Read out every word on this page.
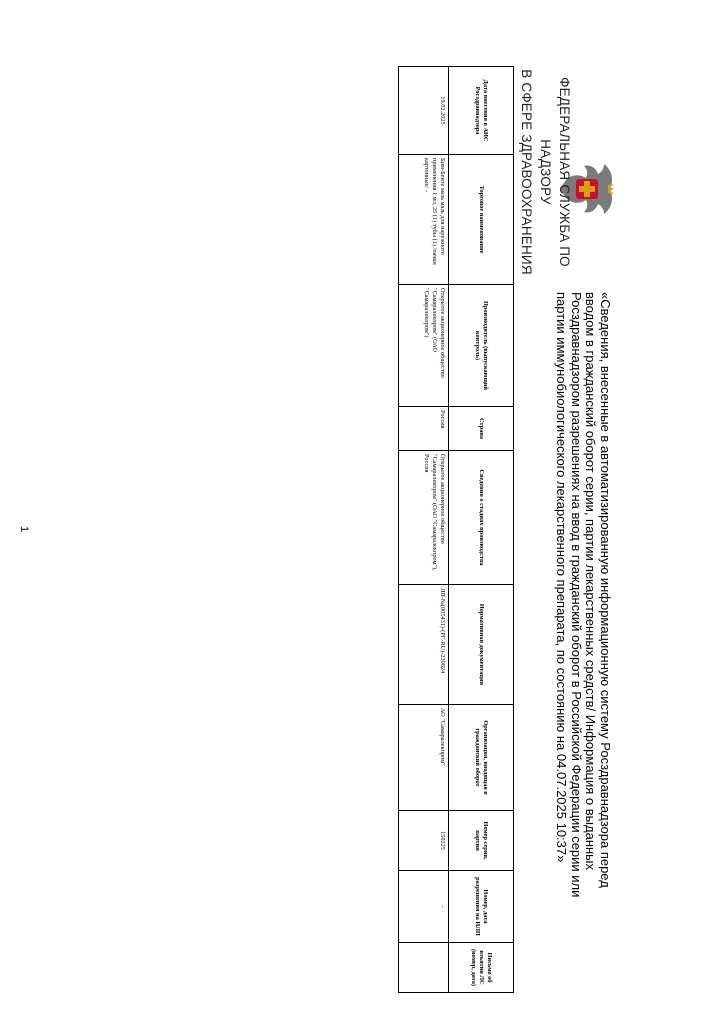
ФЕДЕРАЛЬНАЯ СЛУЖБА ПО НАДЗОРУ
В СФЕРЕ ЗДРАВООХРАНЕНИЯ
«Сведения, внесенные в автоматизированную информационную систему Росздравнадзора перед вводом в гражданский оборот серии, партии лекарственных средств/ Информация о выданных Росздравнадзором разрешениях на ввод в гражданский оборот в Российской Федерации серии или партии иммунобиологического лекарственного препарата, по состоянию на 04.07.2025 10:37»
Дата внесения в АИС Росздравнадзора	Торговое наименование	Производитель (выпускающий контроль)	Страна	Сведения о стадиях производства	Нормативная документация	Организация, вводящая в гражданский оборот	Номер серии, партии	Номер, дата разрешения на ИЛП	Письмо об изъятии ЛС (номер, дата)
19.02.2025	Бим-Бенте мазь мазь для наружного применения 1 мл, 25 (1) тубы (1) /пачки картонные/ -	Открытое акционерное общество "Самаралекпром" (ОАО "Самаралекпром")	Россия	Открытое акционерное общество "Самаралекпром" (ОАО "Самаралекпром"), Россия	ЛП-№(005431)-(РГ-RU)-230824	АО "Самаралекпром"	150225	-	
1
